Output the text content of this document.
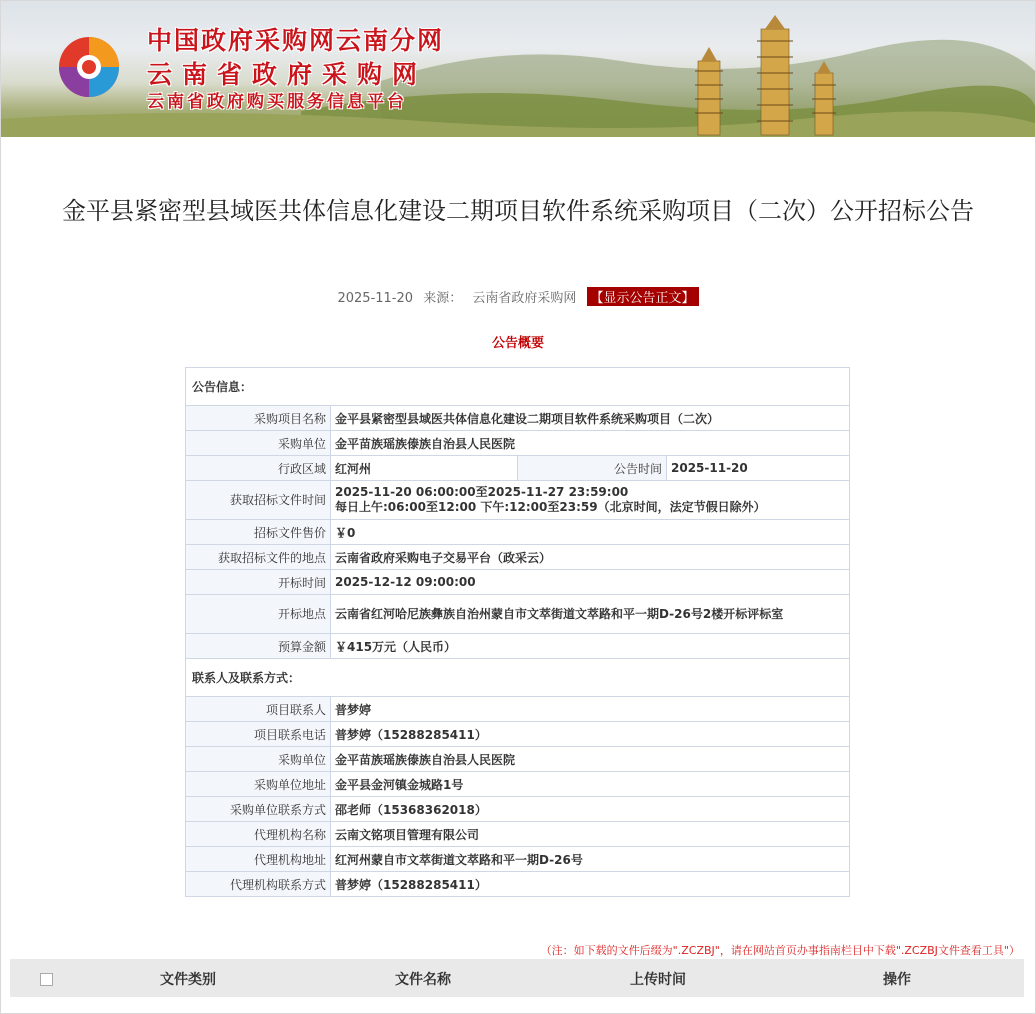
中国政府采购网云南分网
云南省政府采购网
云南省政府购买服务信息平台
金平县紧密型县域医共体信息化建设二期项目软件系统采购项目（二次）公开招标公告
2025-11-20 来源： 云南省政府采购网 【显示公告正文】
公告概要
公告信息：			
采购项目名称	金平县紧密型县域医共体信息化建设二期项目软件系统采购项目（二次）		
采购单位	金平苗族瑶族傣族自治县人民医院		
行政区域	红河州	公告时间	2025-11-20
获取招标文件时间	2025-11-20 06:00:00至2025-11-27 23:59:00
每日上午:06:00至12:00 下午:12:00至23:59（北京时间，法定节假日除外）		

招标文件售价	￥0		
获取招标文件的地点	云南省政府采购电子交易平台（政采云）		
开标时间	2025-12-12 09:00:00		
开标地点	云南省红河哈尼族彝族自治州蒙自市文萃街道文萃路和平一期D-26号2楼开标评标室		
预算金额	￥415万元（人民币）		
联系人及联系方式：			
项目联系人	普梦婷		
项目联系电话	普梦婷（15288285411）		
采购单位	金平苗族瑶族傣族自治县人民医院		
采购单位地址	金平县金河镇金城路1号		
采购单位联系方式	邵老师（15368362018）		
代理机构名称	云南文铭项目管理有限公司		
代理机构地址	红河州蒙自市文萃街道文萃路和平一期D-26号		
代理机构联系方式	普梦婷（15288285411）		
（注：如下载的文件后缀为".ZCZBJ"，请在网站首页办事指南栏目中下载".ZCZBJ文件查看工具"）
文件类别	文件名称	上传时间	操作
